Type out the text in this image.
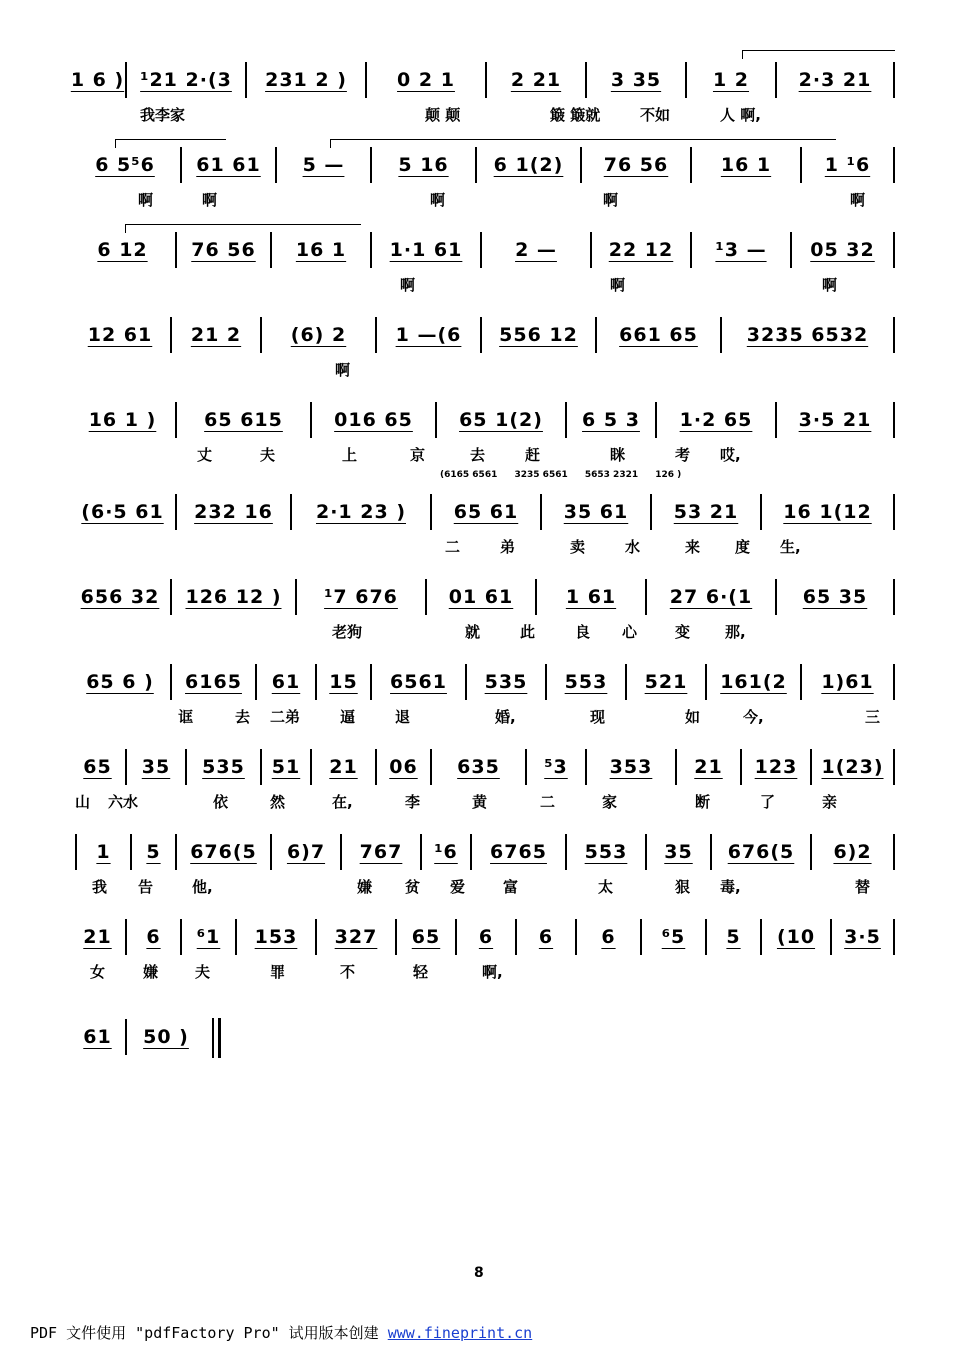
1 6 ) ¹21 2·(3	231 2 )	0 2 1	2 21	3 35	1 2	2·3 21
我李家	颠 颠	簸 簸就	不如	人 啊,
6 5⁵6	61 61	5 —	5 16	6 1(2)	76 56	16 1	1 ¹6
啊	啊	啊	啊	啊
6 12	76 56	16 1	1·1 61	2 —	22 12	¹3 —	05 32
啊	啊	啊
12 61	21 2	(6) 2	1 —(6	556 12	661 65	3235 6532
啊
16 1 )	65 615	016 65	65 1(2)	6 5 3	1·2 65	3·5 21
丈	夫	上	京	去	赶	眯	考 哎,
(6165 6561 3235 6561 5653 2321 126 )
(6·5 61	232 16	2·1 23 )	65 61	35 61	53 21	16 1(12
二	弟	卖	水	来 度 生,
656 32	126 12 )	¹7 676	01 61	1 61	27 6·(1	65 35
老狗	就	此	良 心	变 那,
65 6 )	6165	61	15	6561	535	553	521	161(2	1)61
诓	去 二弟	逼	退	婚,	现	如	今,	三
65	35	535	51	21	06	635	⁵3	353	21	123	1(23)
山 六水	依	然	在,	李	黄	二	家	断	了	亲
1	5	676(5	6)7	767	¹6	6765	553	35	676(5	6)2
我 告	他,	嫌 贫 爱	富	太	狠 毒,	替
21	6	⁶1	153	327	65	6	6	6	⁶5	5	(10	3·5
女	嫌 夫	罪	不	轻	啊,
61	50 )
8
PDF 文件使用 "pdfFactory Pro" 试用版本创建 www.fineprint.cn
